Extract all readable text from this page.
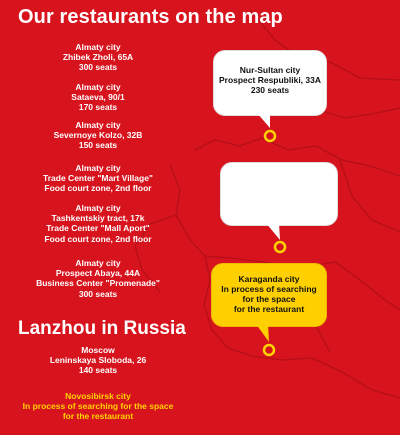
Our restaurants on the map
Almaty city
Zhibek Zholi, 65A
300 seats
Almaty city
Sataeva, 90/1
170 seats
Almaty city
Severnoye Kolzo, 32B
150 seats
Almaty city
Trade Center "Mart Village"
Food court zone, 2nd floor
Almaty city
Tashkentskiy tract, 17k
Trade Center "Mall Aport"
Food court zone, 2nd floor
Almaty city
Prospect Abaya, 44A
Business Center "Promenade"
300 seats
Lanzhou in Russia
Moscow
Leninskaya Sloboda, 26
140 seats
Novosibirsk city
In process of searching for the space
for the restaurant
Nur-Sultan city
Prospect Respubliki, 33A
230 seats
Karaganda city
In process of searching
for the space
for the restaurant
